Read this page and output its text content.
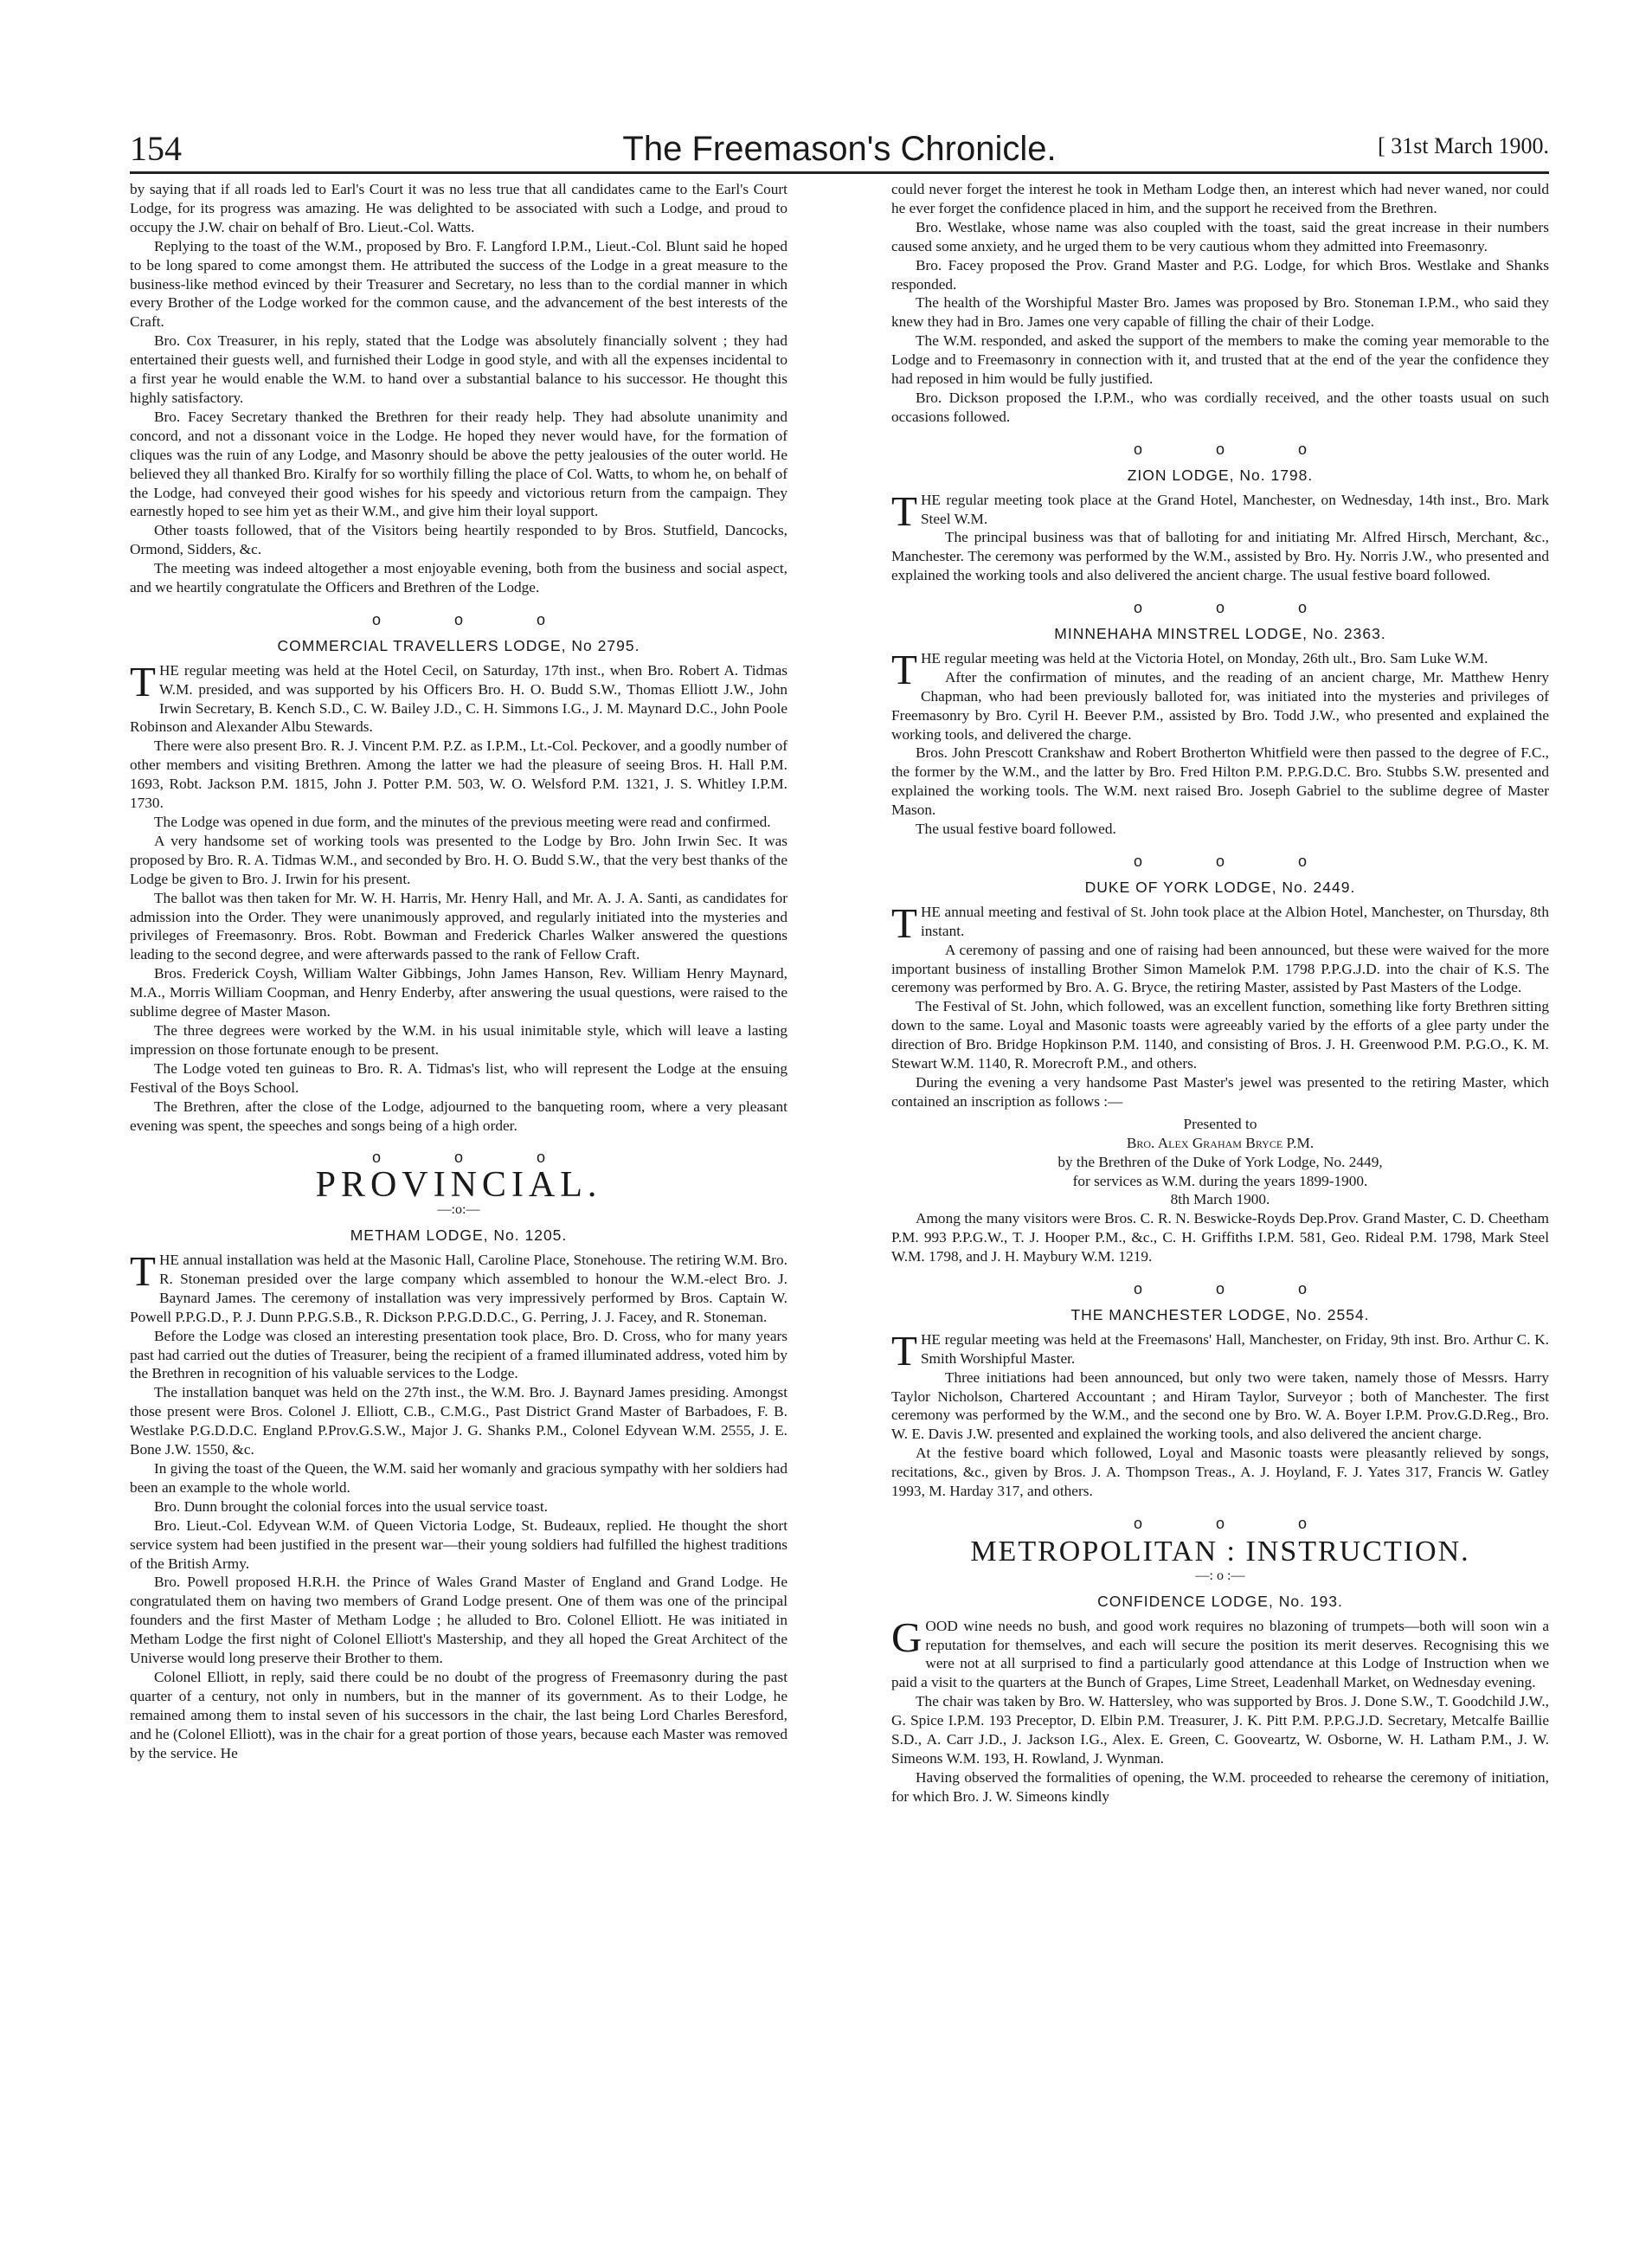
154	The Freemason's Chronicle.	[ 31st March 1900.

by saying that if all roads led to Earl's Court it was no less true that all candidates came to the Earl's Court Lodge, for its progress was amazing. He was delighted to be associated with such a Lodge, and proud to occupy the J.W. chair on behalf of Bro. Lieut.-Col. Watts.

Replying to the toast of the W.M., proposed by Bro. F. Langford I.P.M., Lieut.-Col. Blunt said he hoped to be long spared to come amongst them. He attributed the success of the Lodge in a great measure to the business-like method evinced by their Treasurer and Secretary, no less than to the cordial manner in which every Brother of the Lodge worked for the common cause, and the advancement of the best interests of the Craft.

Bro. Cox Treasurer, in his reply, stated that the Lodge was absolutely financially solvent ; they had entertained their guests well, and furnished their Lodge in good style, and with all the expenses incidental to a first year he would enable the W.M. to hand over a substantial balance to his successor. He thought this highly satisfactory.

Bro. Facey Secretary thanked the Brethren for their ready help. They had absolute unanimity and concord, and not a dissonant voice in the Lodge. He hoped they never would have, for the formation of cliques was the ruin of any Lodge, and Masonry should be above the petty jealousies of the outer world. He believed they all thanked Bro. Kiralfy for so worthily filling the place of Col. Watts, to whom he, on behalf of the Lodge, had conveyed their good wishes for his speedy and victorious return from the campaign. They earnestly hoped to see him yet as their W.M., and give him their loyal support.

Other toasts followed, that of the Visitors being heartily responded to by Bros. Stutfield, Dancocks, Ormond, Sidders, &c.

The meeting was indeed altogether a most enjoyable evening, both from the business and social aspect, and we heartily congratulate the Officers and Brethren of the Lodge.

o o o
COMMERCIAL TRAVELLERS LODGE, No 2795.

THE regular meeting was held at the Hotel Cecil, on Saturday, 17th inst., when Bro. Robert A. Tidmas W.M. presided, and was supported by his Officers Bro. H. O. Budd S.W., Thomas Elliott J.W., John Irwin Secretary, B. Kench S.D., C. W. Bailey J.D., C. H. Simmons I.G., J. M. Maynard D.C., John Poole Robinson and Alexander Albu Stewards.

There were also present Bro. R. J. Vincent P.M. P.Z. as I.P.M., Lt.-Col. Peckover, and a goodly number of other members and visiting Brethren. Among the latter we had the pleasure of seeing Bros. H. Hall P.M. 1693, Robt. Jackson P.M. 1815, John J. Potter P.M. 503, W. O. Welsford P.M. 1321, J. S. Whitley I.P.M. 1730.

The Lodge was opened in due form, and the minutes of the previous meeting were read and confirmed.

A very handsome set of working tools was presented to the Lodge by Bro. John Irwin Sec. It was proposed by Bro. R. A. Tidmas W.M., and seconded by Bro. H. O. Budd S.W., that the very best thanks of the Lodge be given to Bro. J. Irwin for his present.

The ballot was then taken for Mr. W. H. Harris, Mr. Henry Hall, and Mr. A. J. A. Santi, as candidates for admission into the Order. They were unanimously approved, and regularly initiated into the mysteries and privileges of Freemasonry. Bros. Robt. Bowman and Frederick Charles Walker answered the questions leading to the second degree, and were afterwards passed to the rank of Fellow Craft.

Bros. Frederick Coysh, William Walter Gibbings, John James Hanson, Rev. William Henry Maynard, M.A., Morris William Coopman, and Henry Enderby, after answering the usual questions, were raised to the sublime degree of Master Mason.

The three degrees were worked by the W.M. in his usual inimitable style, which will leave a lasting impression on those fortunate enough to be present.

The Lodge voted ten guineas to Bro. R. A. Tidmas's list, who will represent the Lodge at the ensuing Festival of the Boys School.

The Brethren, after the close of the Lodge, adjourned to the banqueting room, where a very pleasant evening was spent, the speeches and songs being of a high order.

o o o
PROVINCIAL.
—:o:—
METHAM LODGE, No. 1205.

THE annual installation was held at the Masonic Hall, Caroline Place, Stonehouse. The retiring W.M. Bro. R. Stoneman presided over the large company which assembled to honour the W.M.-elect Bro. J. Baynard James. The ceremony of installation was very impressively performed by Bros. Captain W. Powell P.P.G.D., P. J. Dunn P.P.G.S.B., R. Dickson P.P.G.D.D.C., G. Perring, J. J. Facey, and R. Stoneman.

Before the Lodge was closed an interesting presentation took place, Bro. D. Cross, who for many years past had carried out the duties of Treasurer, being the recipient of a framed illuminated address, voted him by the Brethren in recognition of his valuable services to the Lodge.

The installation banquet was held on the 27th inst., the W.M. Bro. J. Baynard James presiding. Amongst those present were Bros. Colonel J. Elliott, C.B., C.M.G., Past District Grand Master of Barbadoes, F. B. Westlake P.G.D.D.C. England P.Prov.G.S.W., Major J. G. Shanks P.M., Colonel Edyvean W.M. 2555, J. E. Bone J.W. 1550, &c.

In giving the toast of the Queen, the W.M. said her womanly and gracious sympathy with her soldiers had been an example to the whole world.

Bro. Dunn brought the colonial forces into the usual service toast.

Bro. Lieut.-Col. Edyvean W.M. of Queen Victoria Lodge, St. Budeaux, replied. He thought the short service system had been justified in the present war—their young soldiers had fulfilled the highest traditions of the British Army.

Bro. Powell proposed H.R.H. the Prince of Wales Grand Master of England and Grand Lodge. He congratulated them on having two members of Grand Lodge present. One of them was one of the principal founders and the first Master of Metham Lodge ; he alluded to Bro. Colonel Elliott. He was initiated in Metham Lodge the first night of Colonel Elliott's Mastership, and they all hoped the Great Architect of the Universe would long preserve their Brother to them.

Colonel Elliott, in reply, said there could be no doubt of the progress of Freemasonry during the past quarter of a century, not only in numbers, but in the manner of its government. As to their Lodge, he remained among them to instal seven of his successors in the chair, the last being Lord Charles Beresford, and he (Colonel Elliott), was in the chair for a great portion of those years, because each Master was removed by the service. He

could never forget the interest he took in Metham Lodge then, an interest which had never waned, nor could he ever forget the confidence placed in him, and the support he received from the Brethren.

Bro. Westlake, whose name was also coupled with the toast, said the great increase in their numbers caused some anxiety, and he urged them to be very cautious whom they admitted into Freemasonry.

Bro. Facey proposed the Prov. Grand Master and P.G. Lodge, for which Bros. Westlake and Shanks responded.

The health of the Worshipful Master Bro. James was proposed by Bro. Stoneman I.P.M., who said they knew they had in Bro. James one very capable of filling the chair of their Lodge.

The W.M. responded, and asked the support of the members to make the coming year memorable to the Lodge and to Freemasonry in connection with it, and trusted that at the end of the year the confidence they had reposed in him would be fully justified.

Bro. Dickson proposed the I.P.M., who was cordially received, and the other toasts usual on such occasions followed.

o o o
ZION LODGE, No. 1798.

THE regular meeting took place at the Grand Hotel, Manchester, on Wednesday, 14th inst., Bro. Mark Steel W.M.

The principal business was that of balloting for and initiating Mr. Alfred Hirsch, Merchant, &c., Manchester. The ceremony was performed by the W.M., assisted by Bro. Hy. Norris J.W., who presented and explained the working tools and also delivered the ancient charge. The usual festive board followed.

o o o
MINNEHAHA MINSTREL LODGE, No. 2363.

THE regular meeting was held at the Victoria Hotel, on Monday, 26th ult., Bro. Sam Luke W.M.

After the confirmation of minutes, and the reading of an ancient charge, Mr. Matthew Henry Chapman, who had been previously balloted for, was initiated into the mysteries and privileges of Freemasonry by Bro. Cyril H. Beever P.M., assisted by Bro. Todd J.W., who presented and explained the working tools, and delivered the charge.

Bros. John Prescott Crankshaw and Robert Brotherton Whitfield were then passed to the degree of F.C., the former by the W.M., and the latter by Bro. Fred Hilton P.M. P.P.G.D.C. Bro. Stubbs S.W. presented and explained the working tools. The W.M. next raised Bro. Joseph Gabriel to the sublime degree of Master Mason.

The usual festive board followed.

o o o
DUKE OF YORK LODGE, No. 2449.

THE annual meeting and festival of St. John took place at the Albion Hotel, Manchester, on Thursday, 8th instant.

A ceremony of passing and one of raising had been announced, but these were waived for the more important business of installing Brother Simon Mamelok P.M. 1798 P.P.G.J.D. into the chair of K.S. The ceremony was performed by Bro. A. G. Bryce, the retiring Master, assisted by Past Masters of the Lodge.

The Festival of St. John, which followed, was an excellent function, something like forty Brethren sitting down to the same. Loyal and Masonic toasts were agreeably varied by the efforts of a glee party under the direction of Bro. Bridge Hopkinson P.M. 1140, and consisting of Bros. J. H. Greenwood P.M. P.G.O., K. M. Stewart W.M. 1140, R. Morecroft P.M., and others.

During the evening a very handsome Past Master's jewel was presented to the retiring Master, which contained an inscription as follows :—

Presented to

Bro. Alex Graham Bryce P.M.

by the Brethren of the Duke of York Lodge, No. 2449,

for services as W.M. during the years 1899-1900.

8th March 1900.

Among the many visitors were Bros. C. R. N. Beswicke-Royds Dep.Prov. Grand Master, C. D. Cheetham P.M. 993 P.P.G.W., T. J. Hooper P.M., &c., C. H. Griffiths I.P.M. 581, Geo. Rideal P.M. 1798, Mark Steel W.M. 1798, and J. H. Maybury W.M. 1219.

o o o
THE MANCHESTER LODGE, No. 2554.

THE regular meeting was held at the Freemasons' Hall, Manchester, on Friday, 9th inst. Bro. Arthur C. K. Smith Worshipful Master.

Three initiations had been announced, but only two were taken, namely those of Messrs. Harry Taylor Nicholson, Chartered Accountant ; and Hiram Taylor, Surveyor ; both of Manchester. The first ceremony was performed by the W.M., and the second one by Bro. W. A. Boyer I.P.M. Prov.G.D.Reg., Bro. W. E. Davis J.W. presented and explained the working tools, and also delivered the ancient charge.

At the festive board which followed, Loyal and Masonic toasts were pleasantly relieved by songs, recitations, &c., given by Bros. J. A. Thompson Treas., A. J. Hoyland, F. J. Yates 317, Francis W. Gatley 1993, M. Harday 317, and others.

o o o
METROPOLITAN : INSTRUCTION.
—: o :—
CONFIDENCE LODGE, No. 193.

GOOD wine needs no bush, and good work requires no blazoning of trumpets—both will soon win a reputation for themselves, and each will secure the position its merit deserves. Recognising this we were not at all surprised to find a particularly good attendance at this Lodge of Instruction when we paid a visit to the quarters at the Bunch of Grapes, Lime Street, Leadenhall Market, on Wednesday evening.

The chair was taken by Bro. W. Hattersley, who was supported by Bros. J. Done S.W., T. Goodchild J.W., G. Spice I.P.M. 193 Preceptor, D. Elbin P.M. Treasurer, J. K. Pitt P.M. P.P.G.J.D. Secretary, Metcalfe Baillie S.D., A. Carr J.D., J. Jackson I.G., Alex. E. Green, C. Gooveartz, W. Osborne, W. H. Latham P.M., J. W. Simeons W.M. 193, H. Rowland, J. Wynman.

Having observed the formalities of opening, the W.M. proceeded to rehearse the ceremony of initiation, for which Bro. J. W. Simeons kindly
